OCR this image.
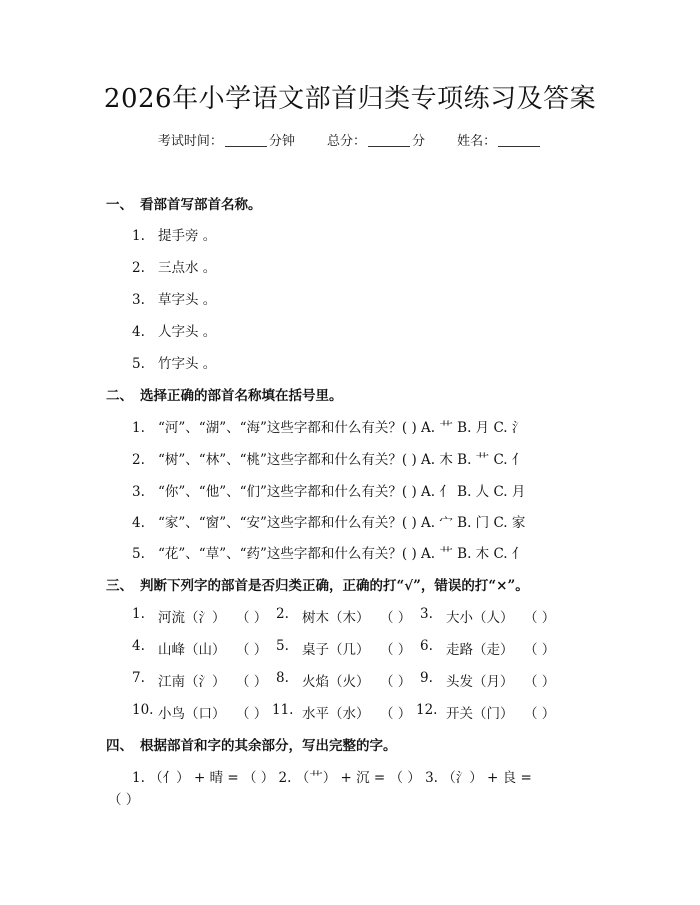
2026年小学语文部首归类专项练习及答案
考试时间：	分钟 总分：	分 姓名：
一、 看部首写部首名称。
1. 提手旁 。
2. 三点水 。
3. 草字头 。
4. 人字头 。
5. 竹字头 。
二、 选择正确的部首名称填在括号里。
1. “河”、“湖”、“海”这些字都和什么有关？( ) A. 艹 B. 月 C. 氵
2. “树”、“林”、“桃”这些字都和什么有关？( ) A. 木 B. 艹 C. 亻
3. “你”、“他”、“们”这些字都和什么有关？( ) A. 亻 B. 人 C. 月
4. “家”、“窗”、“安”这些字都和什么有关？( ) A. 宀 B. 门 C. 家
5. “花”、“草”、“药”这些字都和什么有关？( ) A. 艹 B. 木 C. 亻
三、 判断下列字的部首是否归类正确，正确的打“√”，错误的打“×”。
1. 河流（氵） （ ） 2. 树木（木） （ ） 3. 大小（人） （ ）
4. 山峰（山） （ ） 5. 桌子（几） （ ） 6. 走路（走） （ ）
7. 江南（氵） （ ） 8. 火焰（火） （ ） 9. 头发（月） （ ）
10. 小鸟（口） （ ） 11. 水平（水） （ ） 12. 开关（门） （ ）
四、 根据部首和字的其余部分，写出完整的字。
1. （亻） + 晴 = （ ） 2. （艹） + 沉 = （ ） 3. （氵） + 良 =
（ ）
